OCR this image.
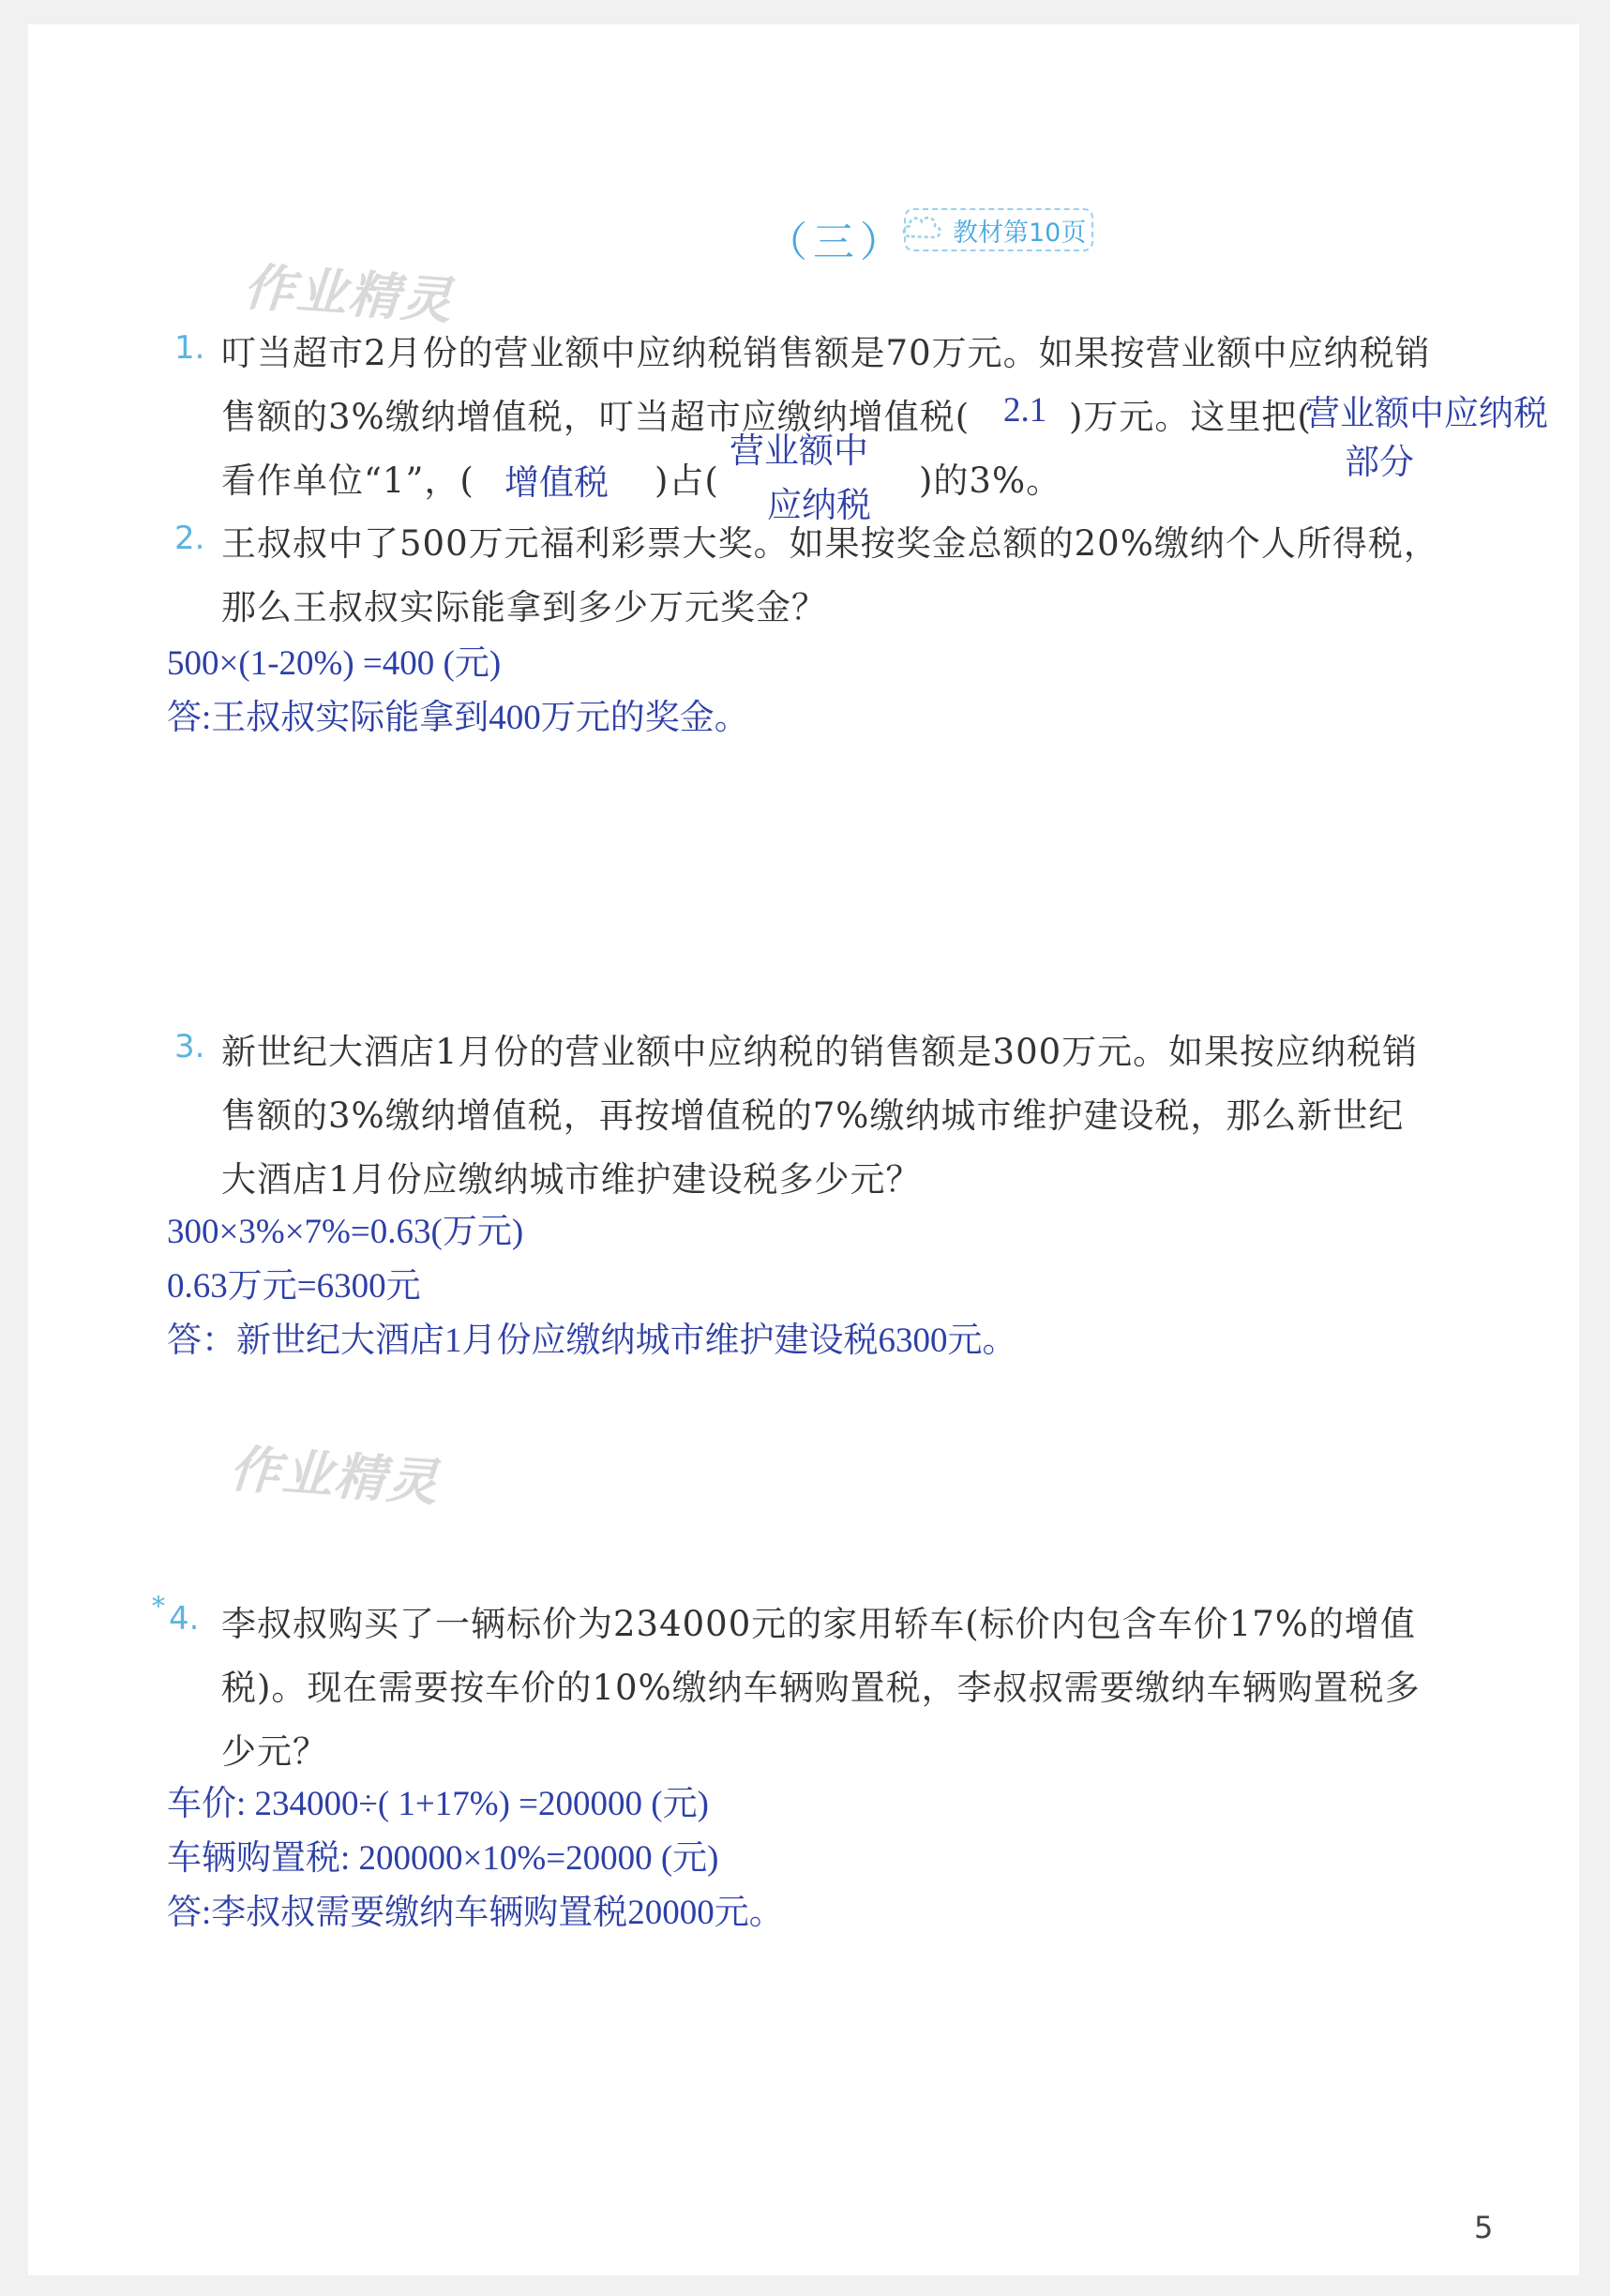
（三） 教材第10页
作业精灵
1. 叮当超市2月份的营业额中应纳税销售额是70万元。如果按营业额中应纳税销
售额的3%缴纳增值税，叮当超市应缴纳增值税( 2.1 )万元。这里把(
营业额中应纳税
部分
营业额中
看作单位“1”，( 增值税 )占(
应纳税
)的3%。
2. 王叔叔中了500万元福利彩票大奖。如果按奖金总额的20%缴纳个人所得税，
那么王叔叔实际能拿到多少万元奖金？
500×(1-20%) =400 (元)
答:王叔叔实际能拿到400万元的奖金。
3. 新世纪大酒店1月份的营业额中应纳税的销售额是300万元。如果按应纳税销
售额的3%缴纳增值税，再按增值税的7%缴纳城市维护建设税，那么新世纪
大酒店1月份应缴纳城市维护建设税多少元？
300×3%×7%=0.63(万元)
0.63万元=6300元
答：新世纪大酒店1月份应缴纳城市维护建设税6300元。
作业精灵
* 4. 李叔叔购买了一辆标价为234000元的家用轿车(标价内包含车价17%的增值
税)。现在需要按车价的10%缴纳车辆购置税，李叔叔需要缴纳车辆购置税多
少元？
车价: 234000÷( 1+17%) =200000 (元)
车辆购置税: 200000×10%=20000 (元)
答:李叔叔需要缴纳车辆购置税20000元。
5
